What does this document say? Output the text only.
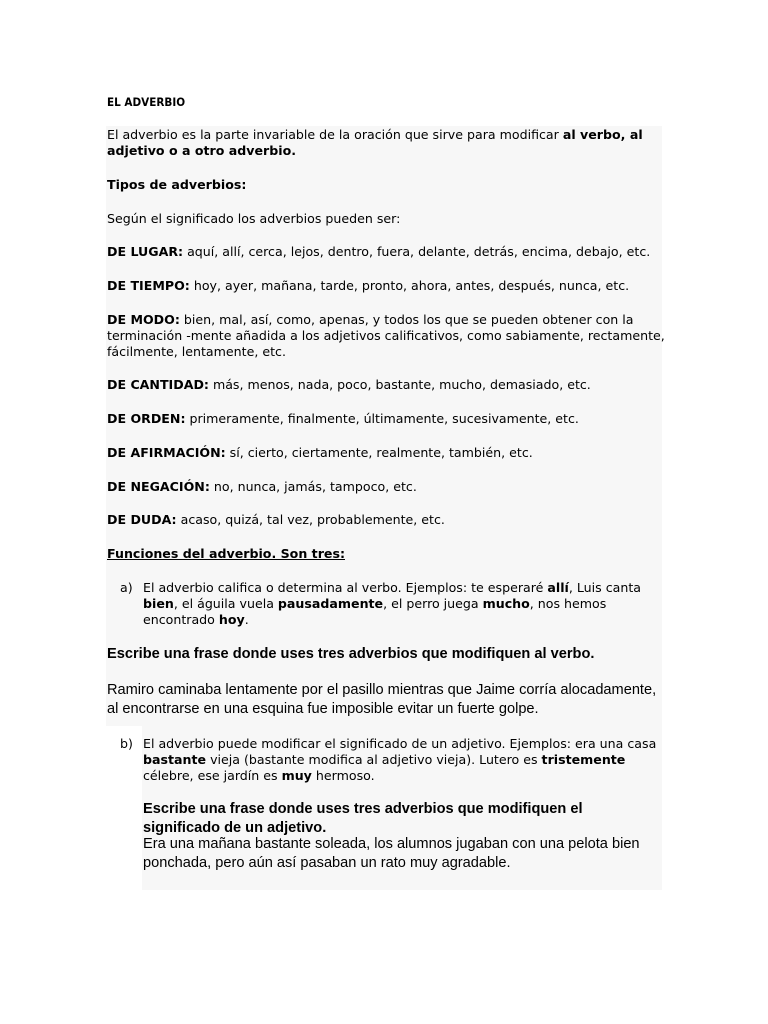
EL ADVERBIO

El adverbio es la parte invariable de la oración que sirve para modificar al verbo, al adjetivo o a otro adverbio.

Tipos de adverbios:

Según el significado los adverbios pueden ser:

DE LUGAR: aquí, allí, cerca, lejos, dentro, fuera, delante, detrás, encima, debajo, etc.

DE TIEMPO: hoy, ayer, mañana, tarde, pronto, ahora, antes, después, nunca, etc.

DE MODO: bien, mal, así, como, apenas, y todos los que se pueden obtener con la terminación -mente añadida a los adjetivos calificativos, como sabiamente, rectamente, fácilmente, lentamente, etc.

DE CANTIDAD: más, menos, nada, poco, bastante, mucho, demasiado, etc.

DE ORDEN: primeramente, finalmente, últimamente, sucesivamente, etc.

DE AFIRMACIÓN: sí, cierto, ciertamente, realmente, también, etc.

DE NEGACIÓN: no, nunca, jamás, tampoco, etc.

DE DUDA: acaso, quizá, tal vez, probablemente, etc.

Funciones del adverbio. Son tres:

a) El adverbio califica o determina al verbo. Ejemplos: te esperaré allí, Luis canta bien, el águila vuela pausadamente, el perro juega mucho, nos hemos encontrado hoy.

Escribe una frase donde uses tres adverbios que modifiquen al verbo.

Ramiro caminaba lentamente por el pasillo mientras que Jaime corría alocadamente, al encontrarse en una esquina fue imposible evitar un fuerte golpe.

b) El adverbio puede modificar el significado de un adjetivo. Ejemplos: era una casa bastante vieja (bastante modifica al adjetivo vieja). Lutero es tristemente célebre, ese jardín es muy hermoso.

Escribe una frase donde uses tres adverbios que modifiquen el significado de un adjetivo.

Era una mañana bastante soleada, los alumnos jugaban con una pelota bien ponchada, pero aún así pasaban un rato muy agradable.
